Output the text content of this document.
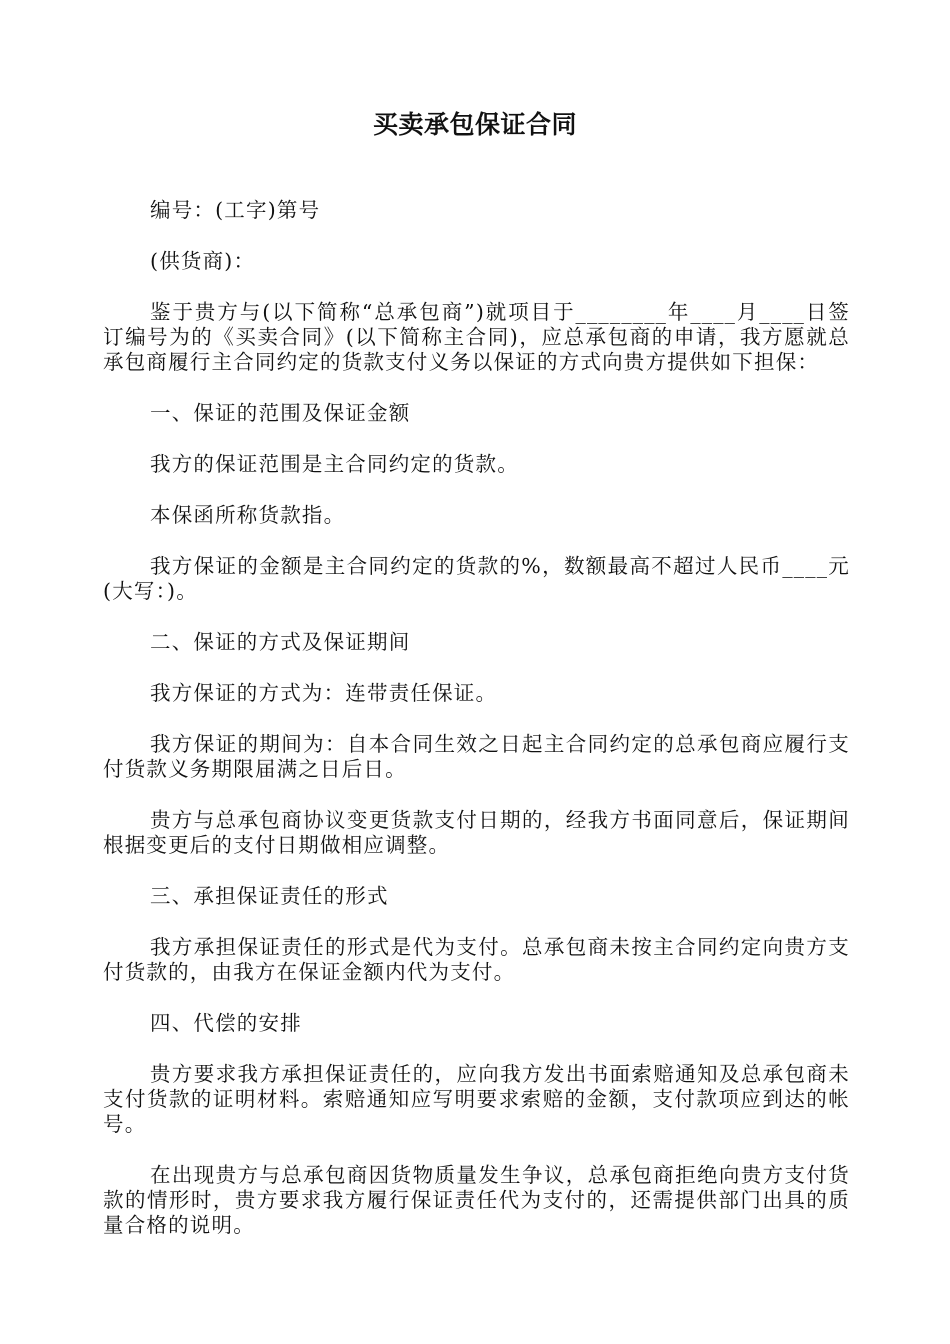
买卖承包保证合同

编号：(工字)第号

(供货商)：

鉴于贵方与(以下简称“总承包商”)就项目于________年____月____日签订编号为的《买卖合同》(以下简称主合同)，应总承包商的申请，我方愿就总承包商履行主合同约定的货款支付义务以保证的方式向贵方提供如下担保：

一、保证的范围及保证金额

我方的保证范围是主合同约定的货款。

本保函所称货款指。

我方保证的金额是主合同约定的货款的%，数额最高不超过人民币____元(大写：)。

二、保证的方式及保证期间

我方保证的方式为：连带责任保证。

我方保证的期间为：自本合同生效之日起主合同约定的总承包商应履行支付货款义务期限届满之日后日。

贵方与总承包商协议变更货款支付日期的，经我方书面同意后，保证期间根据变更后的支付日期做相应调整。

三、承担保证责任的形式

我方承担保证责任的形式是代为支付。总承包商未按主合同约定向贵方支付货款的，由我方在保证金额内代为支付。

四、代偿的安排

贵方要求我方承担保证责任的，应向我方发出书面索赔通知及总承包商未支付货款的证明材料。索赔通知应写明要求索赔的金额，支付款项应到达的帐号。

在出现贵方与总承包商因货物质量发生争议，总承包商拒绝向贵方支付货款的情形时，贵方要求我方履行保证责任代为支付的，还需提供部门出具的质量合格的说明。
